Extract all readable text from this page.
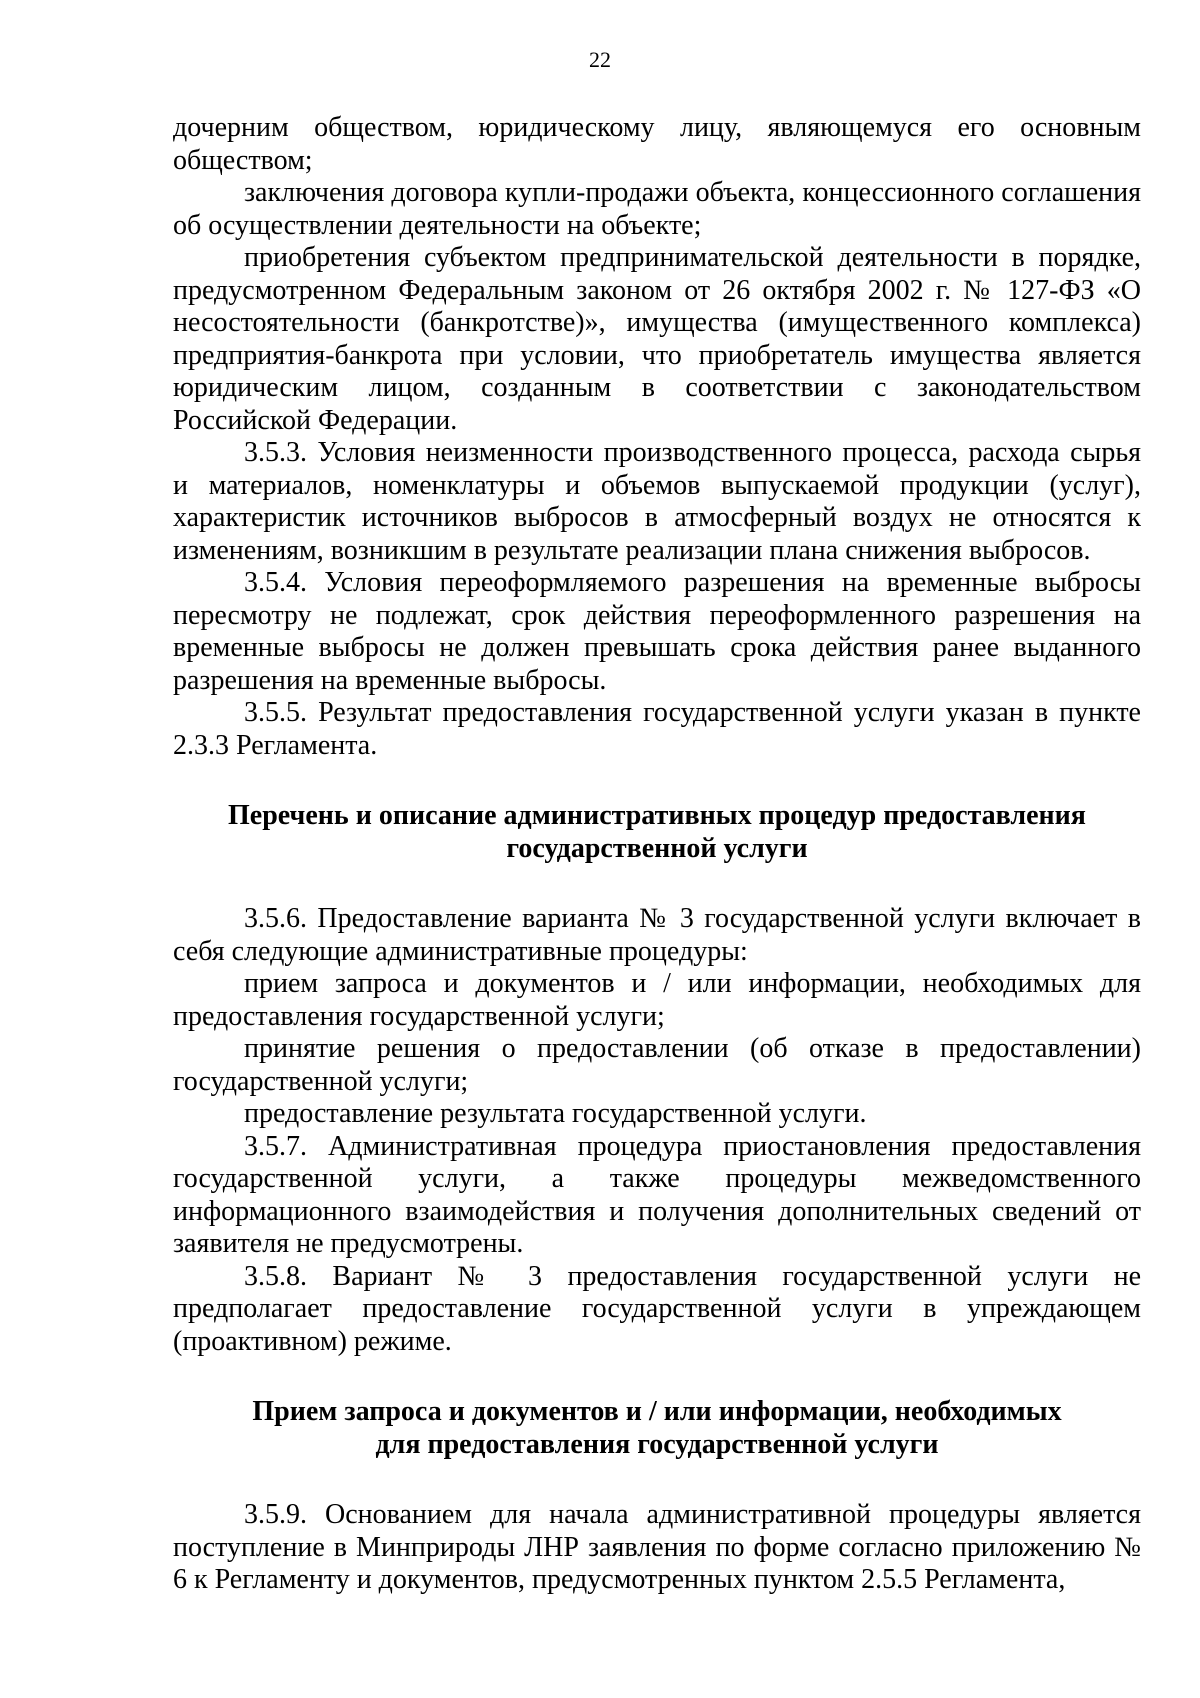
22

дочерним обществом, юридическому лицу, являющемуся его основным обществом;

заключения договора купли-продажи объекта, концессионного соглашения об осуществлении деятельности на объекте;

приобретения субъектом предпринимательской деятельности в порядке, предусмотренном Федеральным законом от 26 октября 2002 г. № 127-ФЗ «О несостоятельности (банкротстве)», имущества (имущественного комплекса) предприятия-банкрота при условии, что приобретатель имущества является юридическим лицом, созданным в соответствии с законодательством Российской Федерации.

3.5.3. Условия неизменности производственного процесса, расхода сырья и материалов, номенклатуры и объемов выпускаемой продукции (услуг), характеристик источников выбросов в атмосферный воздух не относятся к изменениям, возникшим в результате реализации плана снижения выбросов.

3.5.4. Условия переоформляемого разрешения на временные выбросы пересмотру не подлежат, срок действия переоформленного разрешения на временные выбросы не должен превышать срока действия ранее выданного разрешения на временные выбросы.

3.5.5. Результат предоставления государственной услуги указан в пункте 2.3.3 Регламента.

Перечень и описание административных процедур предоставления
государственной услуги

3.5.6. Предоставление варианта № 3 государственной услуги включает в себя следующие административные процедуры:

прием запроса и документов и / или информации, необходимых для предоставления государственной услуги;

принятие решения о предоставлении (об отказе в предоставлении) государственной услуги;

предоставление результата государственной услуги.

3.5.7. Административная процедура приостановления предоставления государственной услуги, а также процедуры межведомственного информационного взаимодействия и получения дополнительных сведений от заявителя не предусмотрены.

3.5.8. Вариант № 3 предоставления государственной услуги не предполагает предоставление государственной услуги в упреждающем (проактивном) режиме.

Прием запроса и документов и / или информации, необходимых
для предоставления государственной услуги

3.5.9. Основанием для начала административной процедуры является поступление в Минприроды ЛНР заявления по форме согласно приложению № 6 к Регламенту и документов, предусмотренных пунктом 2.5.5 Регламента,
